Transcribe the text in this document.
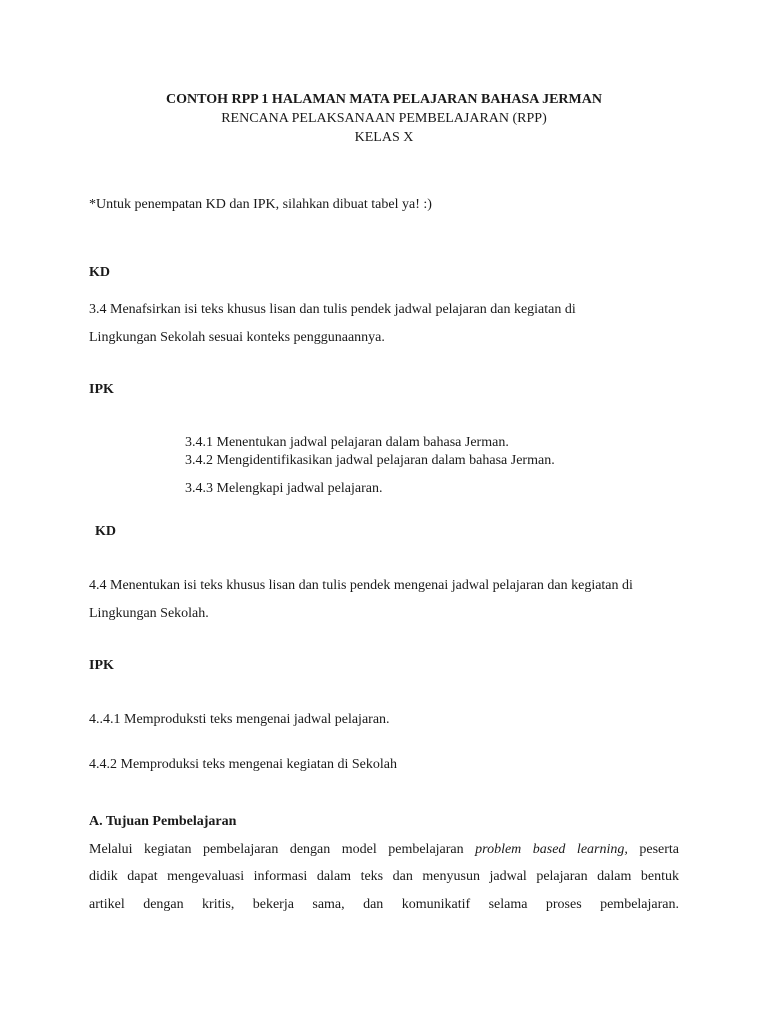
CONTOH RPP 1 HALAMAN MATA PELAJARAN BAHASA JERMAN
RENCANA PELAKSANAAN PEMBELAJARAN (RPP)
KELAS X
*Untuk penempatan KD dan IPK, silahkan dibuat tabel ya! :)
KD
3.4 Menafsirkan isi teks khusus lisan dan tulis pendek jadwal pelajaran dan kegiatan di
Lingkungan Sekolah sesuai konteks penggunaannya.
IPK
3.4.1 Menentukan jadwal pelajaran dalam bahasa Jerman.
3.4.2 Mengidentifikasikan jadwal pelajaran dalam bahasa Jerman.
3.4.3 Melengkapi jadwal pelajaran.
KD
4.4 Menentukan isi teks khusus lisan dan tulis pendek mengenai jadwal pelajaran dan kegiatan di
Lingkungan Sekolah.
IPK
4..4.1 Memproduksti teks mengenai jadwal pelajaran.
4.4.2 Memproduksi teks mengenai kegiatan di Sekolah
A. Tujuan Pembelajaran
Melalui kegiatan pembelajaran dengan model pembelajaran problem based learning, peserta
didik dapat mengevaluasi informasi dalam teks dan menyusun jadwal pelajaran dalam bentuk
artikel dengan kritis, bekerja sama, dan komunikatif selama proses pembelajaran.
